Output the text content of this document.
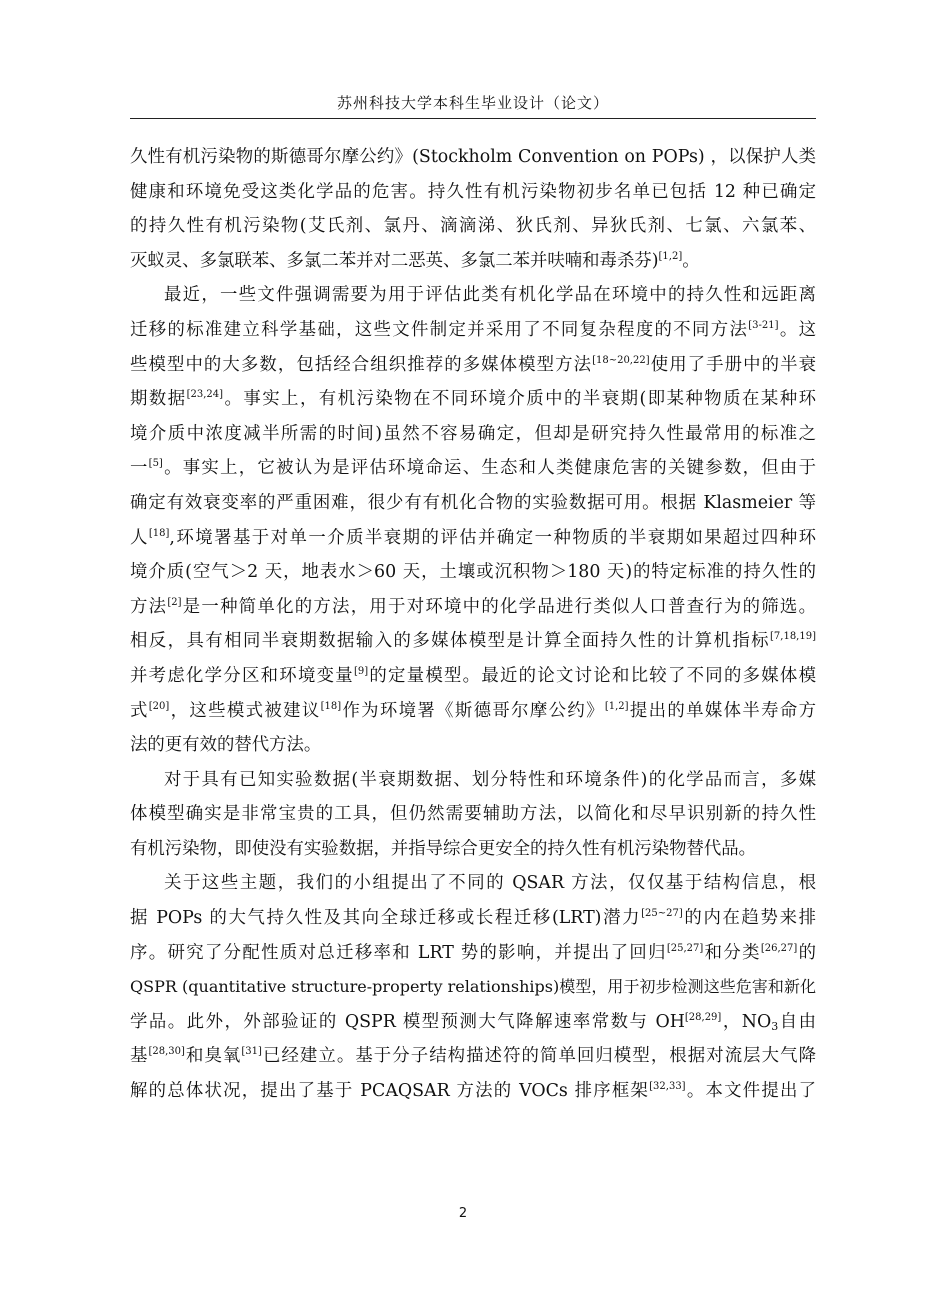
苏州科技大学本科生毕业设计（论文）
久性有机污染物的斯德哥尔摩公约》(Stockholm Convention on POPs) ，以保护人类
健康和环境免受这类化学品的危害。持久性有机污染物初步名单已包括 12 种已确定
的持久性有机污染物(艾氏剂、氯丹、滴滴涕、狄氏剂、异狄氏剂、七氯、六氯苯、
灭蚁灵、多氯联苯、多氯二苯并对二恶英、多氯二苯并呋喃和毒杀芬)[1,2]。
最近，一些文件强调需要为用于评估此类有机化学品在环境中的持久性和远距离
迁移的标准建立科学基础，这些文件制定并采用了不同复杂程度的不同方法[3-21]。这
些模型中的大多数，包括经合组织推荐的多媒体模型方法[18~20,22]使用了手册中的半衰
期数据[23,24]。事实上，有机污染物在不同环境介质中的半衰期(即某种物质在某种环
境介质中浓度减半所需的时间)虽然不容易确定，但却是研究持久性最常用的标准之
一[5]。事实上，它被认为是评估环境命运、生态和人类健康危害的关键参数，但由于
确定有效衰变率的严重困难，很少有有机化合物的实验数据可用。根据 Klasmeier 等
人[18],环境署基于对单一介质半衰期的评估并确定一种物质的半衰期如果超过四种环
境介质(空气＞2 天，地表水＞60 天，土壤或沉积物＞180 天)的特定标准的持久性的
方法[2]是一种简单化的方法，用于对环境中的化学品进行类似人口普查行为的筛选。
相反，具有相同半衰期数据输入的多媒体模型是计算全面持久性的计算机指标[7,18,19]
并考虑化学分区和环境变量[9]的定量模型。最近的论文讨论和比较了不同的多媒体模
式[20]，这些模式被建议[18]作为环境署《斯德哥尔摩公约》[1,2]提出的单媒体半寿命方
法的更有效的替代方法。
对于具有已知实验数据(半衰期数据、划分特性和环境条件)的化学品而言，多媒
体模型确实是非常宝贵的工具，但仍然需要辅助方法，以简化和尽早识别新的持久性
有机污染物，即使没有实验数据，并指导综合更安全的持久性有机污染物替代品。
关于这些主题，我们的小组提出了不同的 QSAR 方法，仅仅基于结构信息，根
据 POPs 的大气持久性及其向全球迁移或长程迁移(LRT)潜力[25~27]的内在趋势来排
序。研究了分配性质对总迁移率和 LRT 势的影响，并提出了回归[25,27]和分类[26,27]的
QSPR (quantitative structure-property relationships)模型，用于初步检测这些危害和新化
学品。此外，外部验证的 QSPR 模型预测大气降解速率常数与 OH[28,29]，$NO_3$自由
基[28,30]和臭氧[31]已经建立。基于分子结构描述符的简单回归模型，根据对流层大气降
解的总体状况，提出了基于 PCAQSAR 方法的 VOCs 排序框架[32,33]。本文件提出了
2
